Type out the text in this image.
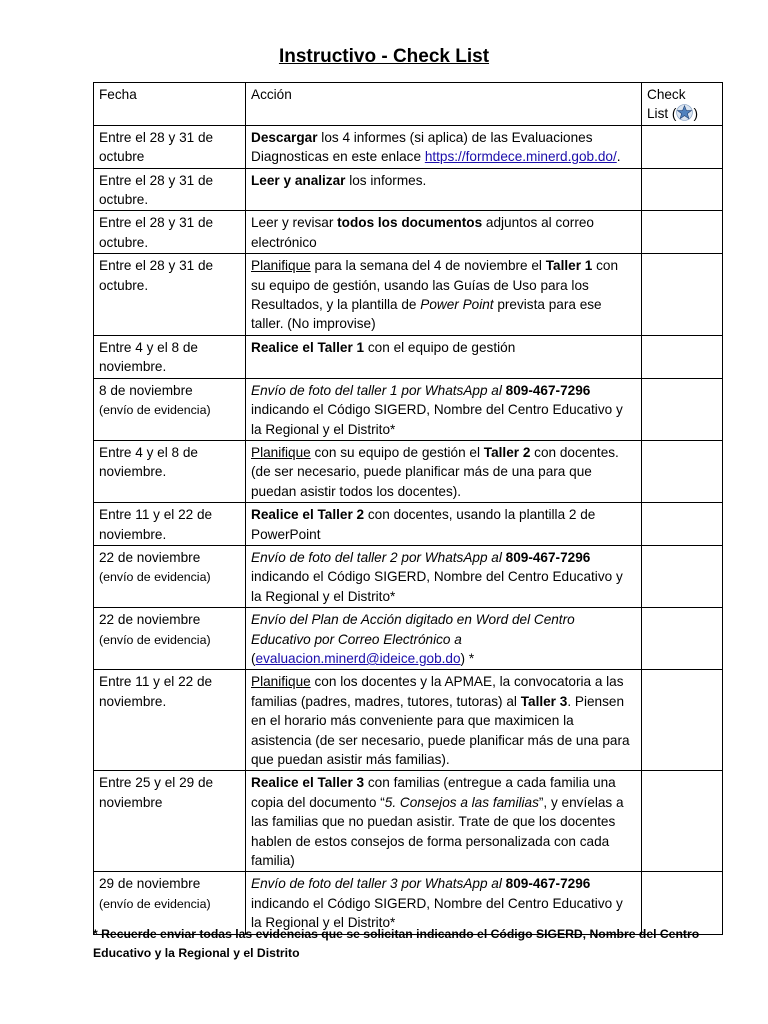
Instructivo - Check List
Fecha	Acción	Check
List ( )
Entre el 28 y 31 de octubre	Descargar los 4 informes (si aplica) de las Evaluaciones Diagnosticas en este enlace https://formdece.minerd.gob.do/.	
Entre el 28 y 31 de octubre.	Leer y analizar los informes.	
Entre el 28 y 31 de octubre.	Leer y revisar todos los documentos adjuntos al correo electrónico	
Entre el 28 y 31 de octubre.	Planifique para la semana del 4 de noviembre el Taller 1 con su equipo de gestión, usando las Guías de Uso para los Resultados, y la plantilla de Power Point prevista para ese taller. (No improvise)	
Entre 4 y el 8 de noviembre.	Realice el Taller 1 con el equipo de gestión	
8 de noviembre
(envío de evidencia)	Envío de foto del taller 1 por WhatsApp al 809-467-7296 indicando el Código SIGERD, Nombre del Centro Educativo y la Regional y el Distrito*	
Entre 4 y el 8 de noviembre.	Planifique con su equipo de gestión el Taller 2 con docentes. (de ser necesario, puede planificar más de una para que puedan asistir todos los docentes).	
Entre 11 y el 22 de noviembre.	Realice el Taller 2 con docentes, usando la plantilla 2 de PowerPoint	
22 de noviembre
(envío de evidencia)	Envío de foto del taller 2 por WhatsApp al 809-467-7296 indicando el Código SIGERD, Nombre del Centro Educativo y la Regional y el Distrito*	
22 de noviembre
(envío de evidencia)	Envío del Plan de Acción digitado en Word del Centro Educativo por Correo Electrónico a (evaluacion.minerd@ideice.gob.do) *	
Entre 11 y el 22 de noviembre.	Planifique con los docentes y la APMAE, la convocatoria a las familias (padres, madres, tutores, tutoras) al Taller 3. Piensen en el horario más conveniente para que maximicen la asistencia (de ser necesario, puede planificar más de una para que puedan asistir más familias).	
Entre 25 y el 29 de noviembre	Realice el Taller 3 con familias (entregue a cada familia una copia del documento “5. Consejos a las familias”, y envíelas a las familias que no puedan asistir. Trate de que los docentes hablen de estos consejos de forma personalizada con cada familia)	
29 de noviembre
(envío de evidencia)	Envío de foto del taller 3 por WhatsApp al 809-467-7296 indicando el Código SIGERD, Nombre del Centro Educativo y la Regional y el Distrito*	
* Recuerde enviar todas las evidencias que se solicitan indicando el Código SIGERD, Nombre del Centro Educativo y la Regional y el Distrito
